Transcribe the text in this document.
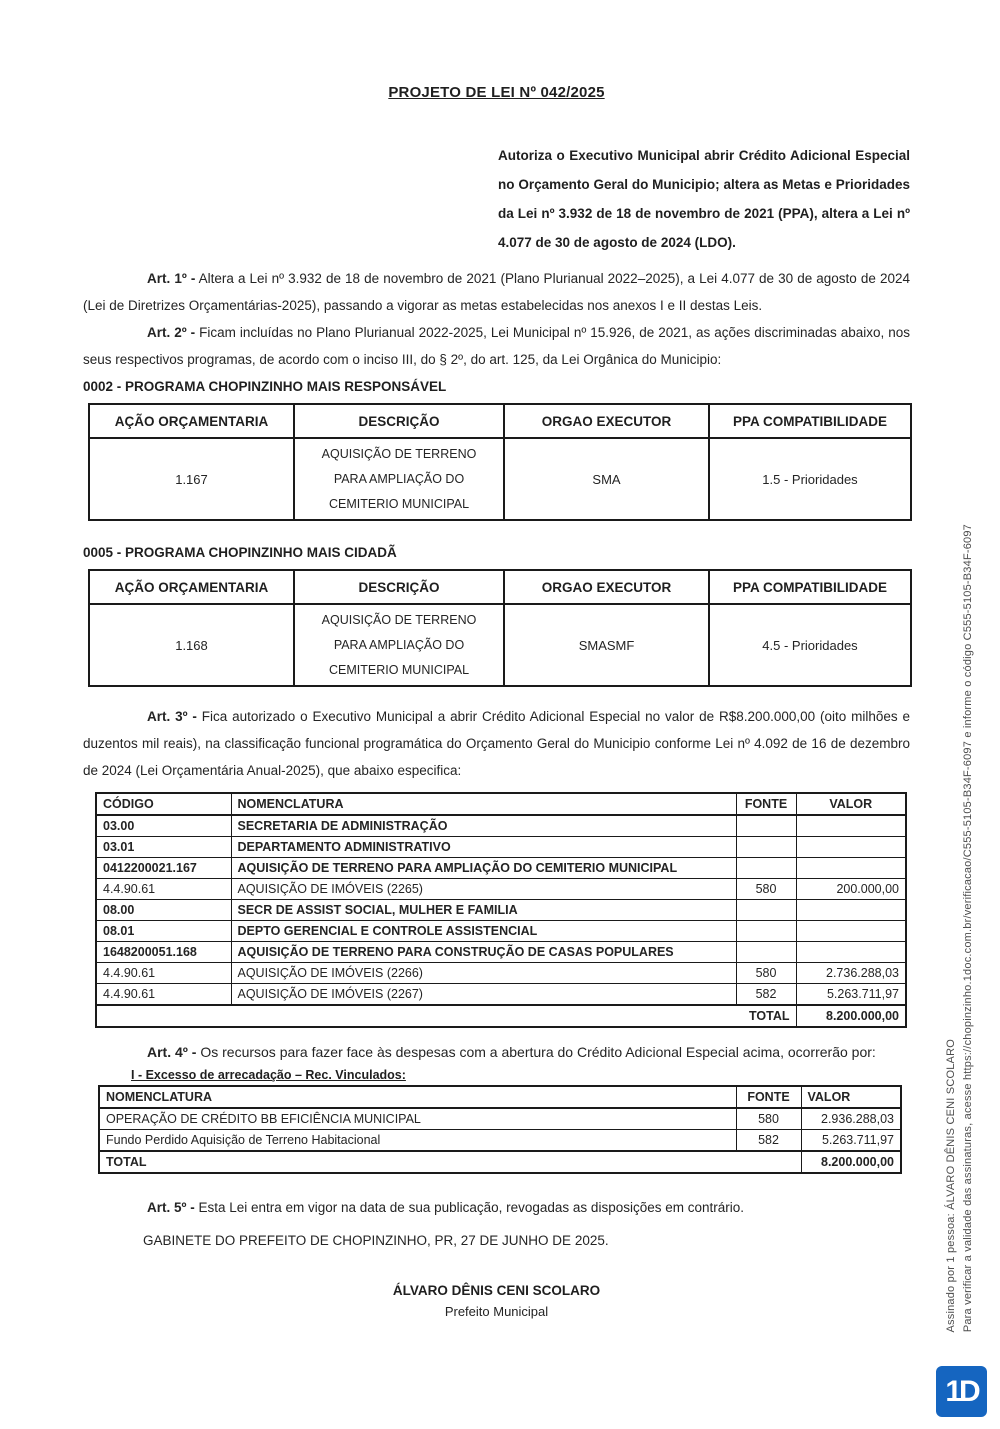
PROJETO DE LEI Nº 042/2025
Autoriza o Executivo Municipal abrir Crédito Adicional Especial no Orçamento Geral do Municipio; altera as Metas e Prioridades da Lei nº 3.932 de 18 de novembro de 2021 (PPA), altera a Lei nº 4.077 de 30 de agosto de 2024 (LDO).

Art. 1º - Altera a Lei nº 3.932 de 18 de novembro de 2021 (Plano Plurianual 2022–2025), a Lei 4.077 de 30 de agosto de 2024 (Lei de Diretrizes Orçamentárias-2025), passando a vigorar as metas estabelecidas nos anexos I e II destas Leis.

Art. 2º - Ficam incluídas no Plano Plurianual 2022-2025, Lei Municipal nº 15.926, de 2021, as ações discriminadas abaixo, nos seus respectivos programas, de acordo com o inciso III, do § 2º, do art. 125, da Lei Orgânica do Municipio:

0002 - PROGRAMA CHOPINZINHO MAIS RESPONSÁVEL
AÇÃO ORÇAMENTARIA	DESCRIÇÃO	ORGAO EXECUTOR	PPA COMPATIBILIDADE
1.167	AQUISIÇÃO DE TERRENO PARA AMPLIAÇÃO DO CEMITERIO MUNICIPAL	SMA	1.5 - Prioridades
0005 - PROGRAMA CHOPINZINHO MAIS CIDADÃ
AÇÃO ORÇAMENTARIA	DESCRIÇÃO	ORGAO EXECUTOR	PPA COMPATIBILIDADE
1.168	AQUISIÇÃO DE TERRENO PARA AMPLIAÇÃO DO CEMITERIO MUNICIPAL	SMASMF	4.5 - Prioridades

Art. 3º - Fica autorizado o Executivo Municipal a abrir Crédito Adicional Especial no valor de R$8.200.000,00 (oito milhões e duzentos mil reais), na classificação funcional programática do Orçamento Geral do Municipio conforme Lei nº 4.092 de 16 de dezembro de 2024 (Lei Orçamentária Anual-2025), que abaixo especifica:

CÓDIGO	NOMENCLATURA	FONTE	VALOR
03.00	SECRETARIA DE ADMINISTRAÇÃO		
03.01	DEPARTAMENTO ADMINISTRATIVO		
0412200021.167	AQUISIÇÃO DE TERRENO PARA AMPLIAÇÃO DO CEMITERIO MUNICIPAL		
4.4.90.61	AQUISIÇÃO DE IMÓVEIS (2265)	580	200.000,00
08.00	SECR DE ASSIST SOCIAL, MULHER E FAMILIA		
08.01	DEPTO GERENCIAL E CONTROLE ASSISTENCIAL		
1648200051.168	AQUISIÇÃO DE TERRENO PARA CONSTRUÇÃO DE CASAS POPULARES		
4.4.90.61	AQUISIÇÃO DE IMÓVEIS (2266)	580	2.736.288,03
4.4.90.61	AQUISIÇÃO DE IMÓVEIS (2267)	582	5.263.711,97
TOTAL			8.200.000,00

Art. 4º - Os recursos para fazer face às despesas com a abertura do Crédito Adicional Especial acima, ocorrerão por:

I - Excesso de arrecadação – Rec. Vinculados:
NOMENCLATURA	FONTE	VALOR
OPERAÇÃO DE CRÉDITO BB EFICIÊNCIA MUNICIPAL	580	2.936.288,03
Fundo Perdido Aquisição de Terreno Habitacional	582	5.263.711,97
TOTAL		8.200.000,00

Art. 5º - Esta Lei entra em vigor na data de sua publicação, revogadas as disposições em contrário.

GABINETE DO PREFEITO DE CHOPINZINHO, PR, 27 DE JUNHO DE 2025.

ÁLVARO DÊNIS CENI SCOLARO
Prefeito Municipal	Assinado por 1 pessoa: ÁLVARO DÊNIS CENI SCOLARO Para verificar a validade das assinaturas, acesse https://chopinzinho.1doc.com.br/verificacao/C555-5105-B34F-6097 e informe o código C555-5105-B34F-6097
1D
